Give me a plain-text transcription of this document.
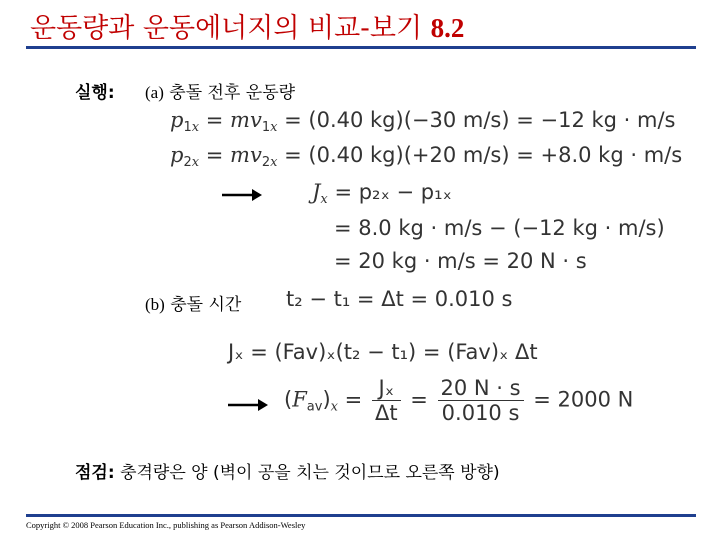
운동량과 운동에너지의 비교-보기 8.2
실행: (a) 충돌 전후 운동량
$p_{1x} = mv_{1x} = (0.40$ kg)(−30 m/s) = −12 kg · m/s
$p_{2x} = mv_{2x} = (0.40$ kg)(+20 m/s) = +8.0 kg · m/s
$J_x = p_{2x} - p_{1x}$
= 8.0 kg · m/s − (−12 kg · m/s)
= 20 kg · m/s = 20 N · s
(b) 충돌 시간 t₂ − t₁ = Δt = 0.010 s
Jₓ = (Fav)ₓ(t₂ − t₁) = (Fav)ₓ Δt
$(F_{av})_x = \frac{\text{Jₓ}}{\Delta t} = \frac{20 N \cdot s}{0.010 s} = 2000$ N
점검: 충격량은 양 (벽이 공을 치는 것이므로 오른쪽 방향)
Copyright © 2008 Pearson Education Inc., publishing as Pearson Addison-Wesley
